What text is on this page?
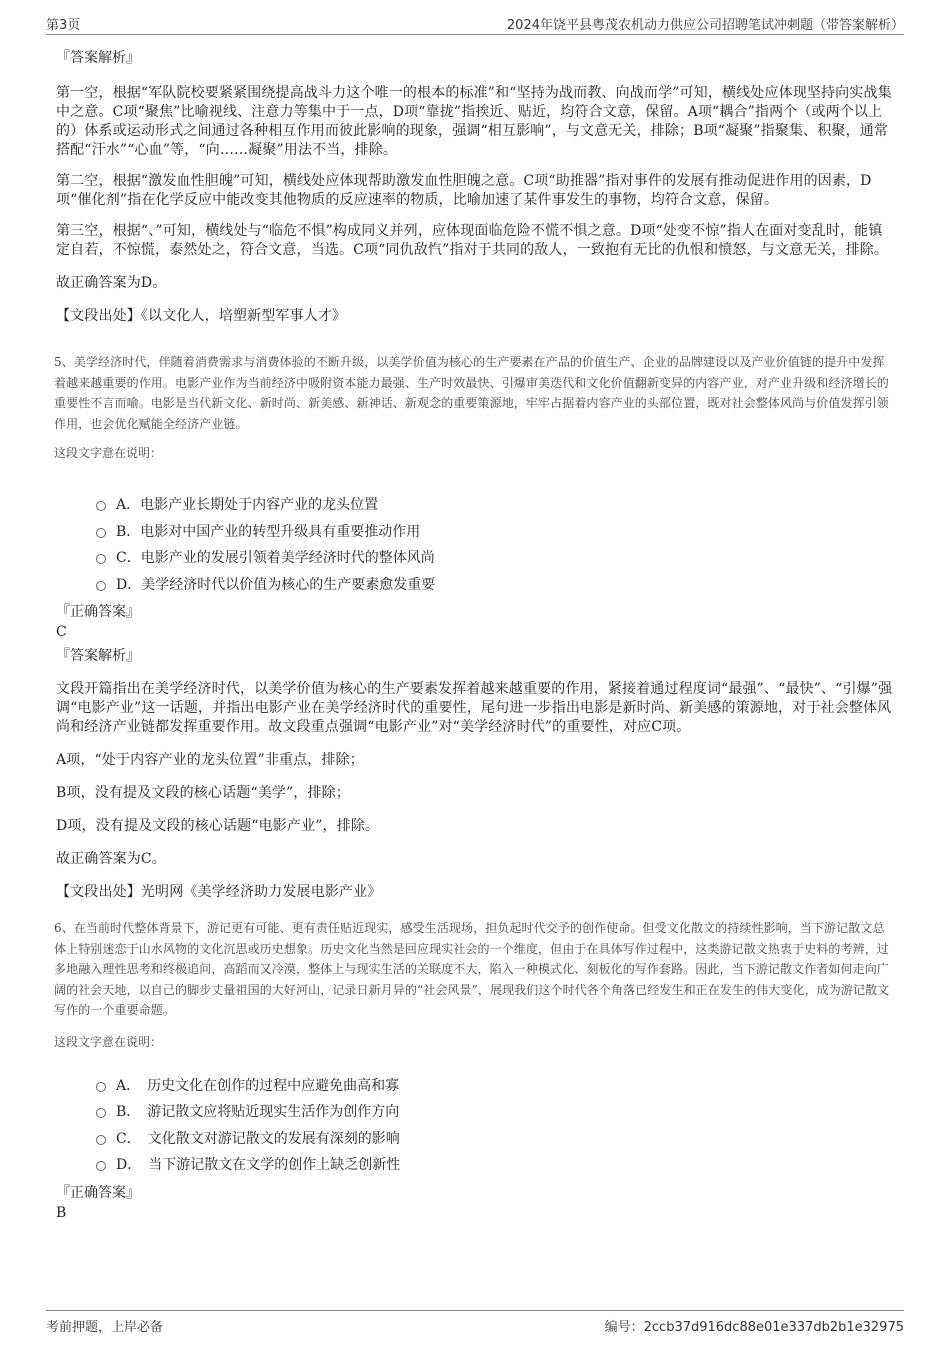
第3页	2024年饶平县粤茂农机动力供应公司招聘笔试冲刺题（带答案解析）
『答案解析』

第一空，根据“军队院校要紧紧围绕提高战斗力这个唯一的根本的标准”和“坚持为战而教、向战而学”可知，横线处应体现坚持向实战集中之意。C项“聚焦”比喻视线、注意力等集中于一点，D项“靠拢”指挨近、贴近，均符合文意，保留。A项“耦合”指两个（或两个以上的）体系或运动形式之间通过各种相互作用而彼此影响的现象，强调“相互影响”，与文意无关，排除；B项“凝聚”指聚集、积聚，通常搭配“汗水”“心血”等，“向……凝聚”用法不当，排除。

第二空，根据“激发血性胆魄”可知，横线处应体现帮助激发血性胆魄之意。C项“助推器”指对事件的发展有推动促进作用的因素，D项“催化剂”指在化学反应中能改变其他物质的反应速率的物质，比喻加速了某件事发生的事物，均符合文意，保留。

第三空，根据“、”可知，横线处与“临危不惧”构成同义并列，应体现面临危险不慌不惧之意。D项“处变不惊”指人在面对变乱时，能镇定自若，不惊慌，泰然处之，符合文意，当选。C项“同仇敌忾”指对于共同的敌人，一致抱有无比的仇恨和愤怒，与文意无关，排除。

故正确答案为D。

【文段出处】《以文化人，培塑新型军事人才》

5、美学经济时代，伴随着消费需求与消费体验的不断升级，以美学价值为核心的生产要素在产品的价值生产、企业的品牌建设以及产业价值链的提升中发挥着越来越重要的作用。电影产业作为当前经济中吸附资本能力最强、生产时效最快、引爆审美迭代和文化价值翻新变异的内容产业，对产业升级和经济增长的重要性不言而喻。电影是当代新文化、新时尚、新美感、新神话、新观念的重要策源地，牢牢占据着内容产业的头部位置，既对社会整体风尚与价值发挥引领作用，也会优化赋能全经济产业链。

这段文字意在说明：

A．电影产业长期处于内容产业的龙头位置
B．电影对中国产业的转型升级具有重要推动作用
C．电影产业的发展引领着美学经济时代的整体风尚
D．美学经济时代以价值为核心的生产要素愈发重要
『正确答案』
C
『答案解析』

文段开篇指出在美学经济时代，以美学价值为核心的生产要素发挥着越来越重要的作用，紧接着通过程度词“最强”、“最快”、“引爆”强调“电影产业”这一话题，并指出电影产业在美学经济时代的重要性，尾句进一步指出电影是新时尚、新美感的策源地，对于社会整体风尚和经济产业链都发挥重要作用。故文段重点强调“电影产业”对“美学经济时代”的重要性，对应C项。

A项，“处于内容产业的龙头位置”非重点，排除；

B项，没有提及文段的核心话题“美学”，排除；

D项，没有提及文段的核心话题“电影产业”，排除。

故正确答案为C。

【文段出处】光明网《美学经济助力发展电影产业》

6、在当前时代整体背景下，游记更有可能、更有责任贴近现实，感受生活现场，担负起时代交予的创作使命。但受文化散文的持续性影响，当下游记散文总体上特别迷恋于山水风物的文化沉思或历史想象。历史文化当然是回应现实社会的一个维度，但由于在具体写作过程中，这类游记散文热衷于史料的考辨，过多地融入理性思考和终极追问，高蹈而又冷漠，整体上与现实生活的关联度不大，陷入一种模式化、刻板化的写作套路。因此，当下游记散文作者如何走向广阔的社会天地，以自己的脚步丈量祖国的大好河山，记录日新月异的“社会风景”，展现我们这个时代各个角落已经发生和正在发生的伟大变化，成为游记散文写作的一个重要命题。

这段文字意在说明：

A．　历史文化在创作的过程中应避免曲高和寡
B．　游记散文应将贴近现实生活作为创作方向
C．　文化散文对游记散文的发展有深刻的影响
D．　当下游记散文在文学的创作上缺乏创新性
『正确答案』
B
考前押题，上岸必备	编号：2ccb37d916dc88e01e337db2b1e32975
